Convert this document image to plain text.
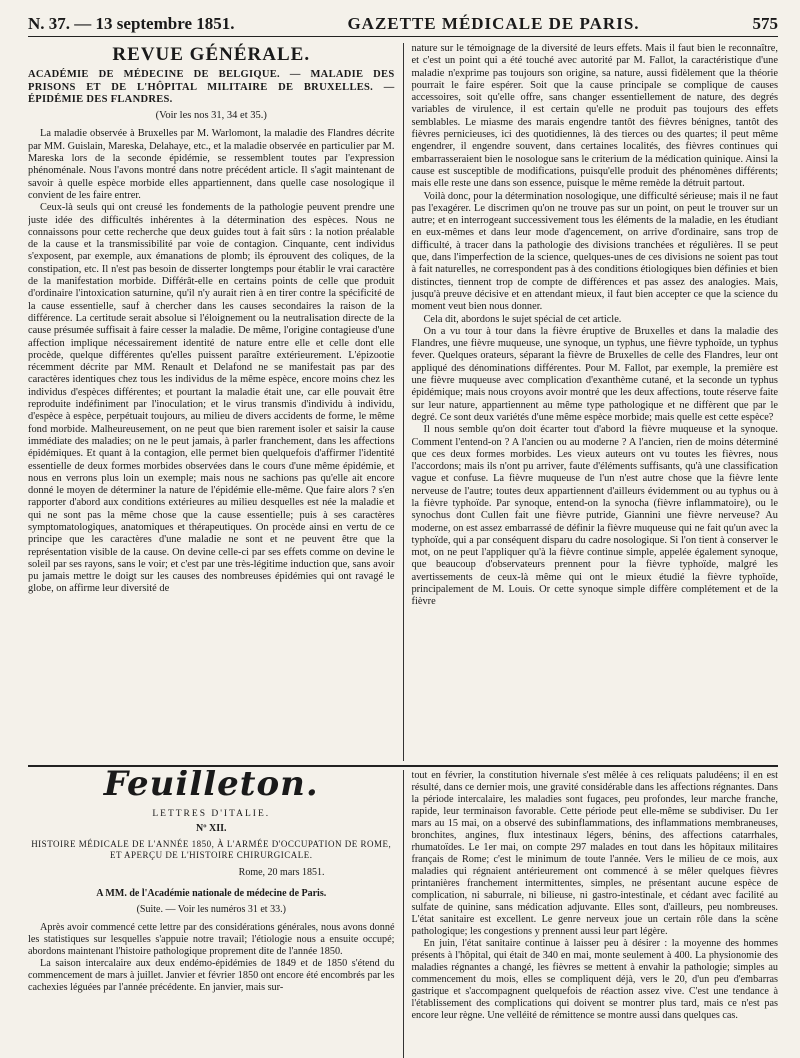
N. 37. — 13 septembre 1851.	GAZETTE MÉDICALE DE PARIS.	575
REVUE GÉNÉRALE.
ACADÉMIE DE MÉDECINE DE BELGIQUE. — MALADIE DES PRISONS ET DE L'HÔPITAL MILITAIRE DE BRUXELLES. — ÉPIDÉMIE DES FLANDRES.
(Voir les nos 31, 34 et 35.)

La maladie observée à Bruxelles par M. Warlomont, la maladie des Flandres décrite par MM. Guislain, Mareska, Delahaye, etc., et la maladie observée en particulier par M. Mareska lors de la seconde épidémie, se ressemblent toutes par l'expression phénoménale. Nous l'avons montré dans notre précédent article. Il s'agit maintenant de savoir à quelle espèce morbide elles appartiennent, dans quelle case nosologique il convient de les faire entrer.

Ceux-là seuls qui ont creusé les fondements de la pathologie peuvent prendre une juste idée des difficultés inhérentes à la détermination des espèces. Nous ne connaissons pour cette recherche que deux guides tout à fait sûrs : la notion préalable de la cause et la transmissibilité par voie de contagion. Cinquante, cent individus s'exposent, par exemple, aux émanations de plomb; ils éprouvent des coliques, de la constipation, etc. Il n'est pas besoin de disserter longtemps pour établir le vrai caractère de la manifestation morbide. Différât-elle en certains points de celle que produit d'ordinaire l'intoxication saturnine, qu'il n'y aurait rien à en tirer contre la spécificité de la cause essentielle, sauf à chercher dans les causes secondaires la raison de la différence. La certitude serait absolue si l'éloignement ou la neutralisation directe de la cause présumée suffisait à faire cesser la maladie. De même, l'origine contagieuse d'une affection implique nécessairement identité de nature entre elle et celle dont elle procède, quelque différentes qu'elles puissent paraître extérieurement. L'épizootie récemment décrite par MM. Renault et Delafond ne se manifestait pas par des caractères identiques chez tous les individus de la même espèce, encore moins chez les individus d'espèces différentes; et pourtant la maladie était une, car elle pouvait être reproduite indéfiniment par l'inoculation; et le virus transmis d'individu à individu, d'espèce à espèce, perpétuait toujours, au milieu de divers accidents de forme, le même fond morbide. Malheureusement, on ne peut que bien rarement isoler et saisir la cause immédiate des maladies; on ne le peut jamais, à parler franchement, dans les affections épidémiques. Et quant à la contagion, elle permet bien quelquefois d'affirmer l'identité essentielle de deux formes morbides observées dans le cours d'une même épidémie, et nous en verrons plus loin un exemple; mais nous ne sachions pas qu'elle ait encore donné le moyen de déterminer la nature de l'épidémie elle-même. Que faire alors ? s'en rapporter d'abord aux conditions extérieures au milieu desquelles est née la maladie et qui ne sont pas la même chose que la cause essentielle; puis à ses caractères symptomatologiques, anatomiques et thérapeutiques. On procède ainsi en vertu de ce principe que les caractères d'une maladie ne sont et ne peuvent être que la représentation visible de la cause. On devine celle-ci par ses effets comme on devine le soleil par ses rayons, sans le voir; et c'est par une très-légitime induction que, sans avoir pu jamais mettre le doigt sur les causes des nombreuses épidémies qui ont ravagé le globe, on affirme leur diversité de

nature sur le témoignage de la diversité de leurs effets. Mais il faut bien le reconnaître, et c'est un point qui a été touché avec autorité par M. Fallot, la caractéristique d'une maladie n'exprime pas toujours son origine, sa nature, aussi fidèlement que la théorie pourrait le faire espérer. Soit que la cause principale se complique de causes accessoires, soit qu'elle offre, sans changer essentiellement de nature, des degrés variables de virulence, il est certain qu'elle ne produit pas toujours des effets semblables. Le miasme des marais engendre tantôt des fièvres bénignes, tantôt des fièvres pernicieuses, ici des quotidiennes, là des tierces ou des quartes; il peut même engendrer, il engendre souvent, dans certaines localités, des fièvres continues qui embarrasseraient bien le nosologue sans le criterium de la médication quinique. Ainsi la cause est susceptible de modifications, puisqu'elle produit des phénomènes différents; mais elle reste une dans son essence, puisque le même remède la détruit partout.

Voilà donc, pour la détermination nosologique, une difficulté sérieuse; mais il ne faut pas l'exagérer. Le discrimen qu'on ne trouve pas sur un point, on peut le trouver sur un autre; et en interrogeant successivement tous les éléments de la maladie, en les étudiant en eux-mêmes et dans leur mode d'agencement, on arrive d'ordinaire, sans trop de difficulté, à tracer dans la pathologie des divisions tranchées et régulières. Il se peut que, dans l'imperfection de la science, quelques-unes de ces divisions ne soient pas tout à fait naturelles, ne correspondent pas à des conditions étiologiques bien définies et bien distinctes, tiennent trop de compte de différences et pas assez des analogies. Mais, jusqu'à preuve décisive et en attendant mieux, il faut bien accepter ce que la science du moment veut bien nous donner.

Cela dit, abordons le sujet spécial de cet article.

On a vu tour à tour dans la fièvre éruptive de Bruxelles et dans la maladie des Flandres, une fièvre muqueuse, une synoque, un typhus, une fièvre typhoïde, un typhus fever. Quelques orateurs, séparant la fièvre de Bruxelles de celle des Flandres, leur ont appliqué des dénominations différentes. Pour M. Fallot, par exemple, la première est une fièvre muqueuse avec complication d'exanthème cutané, et la seconde un typhus épidémique; mais nous croyons avoir montré que les deux affections, toute réserve faite sur leur nature, appartiennent au même type pathologique et ne diffèrent que par le degré. Ce sont deux variétés d'une même espèce morbide; mais quelle est cette espèce?

Il nous semble qu'on doit écarter tout d'abord la fièvre muqueuse et la synoque. Comment l'entend-on ? A l'ancien ou au moderne ? A l'ancien, rien de moins déterminé que ces deux formes morbides. Les vieux auteurs ont vu toutes les fièvres, nous l'accordons; mais ils n'ont pu arriver, faute d'éléments suffisants, qu'à une classification vague et confuse. La fièvre muqueuse de l'un n'est autre chose que la fièvre lente nerveuse de l'autre; toutes deux appartiennent d'ailleurs évidemment ou au typhus ou à la fièvre typhoïde. Par synoque, entend-on la synocha (fièvre inflammatoire), ou le synochus dont Cullen fait une fièvre putride, Giannini une fièvre nerveuse? Au moderne, on est assez embarrassé de définir la fièvre muqueuse qui ne fait qu'un avec la typhoïde, qui a par conséquent disparu du cadre nosologique. Si l'on tient à conserver le mot, on ne peut l'appliquer qu'à la fièvre continue simple, appelée également synoque, que beaucoup d'observateurs prennent pour la fièvre typhoïde, malgré les avertissements de ceux-là même qui ont le mieux étudié la fièvre typhoïde, principalement de M. Louis. Or cette synoque simple diffère complétement et de la fièvre

Feuilleton.
LETTRES D'ITALIE.
Nº XII.
HISTOIRE MÉDICALE DE L'ANNÉE 1850, À L'ARMÉE D'OCCUPATION DE ROME, ET APERÇU DE L'HISTOIRE CHIRURGICALE.
Rome, 20 mars 1851.
A MM. de l'Académie nationale de médecine de Paris.
(Suite. — Voir les numéros 31 et 33.)

Après avoir commencé cette lettre par des considérations générales, nous avons donné les statistiques sur lesquelles s'appuie notre travail; l'étiologie nous a ensuite occupé; abordons maintenant l'histoire pathologique proprement dite de l'année 1850.

La saison intercalaire aux deux endémo-épidémies de 1849 et de 1850 s'étend du commencement de mars à juillet. Janvier et février 1850 ont encore été encombrés par les cachexies léguées par l'année précédente. En janvier, mais sur-

tout en février, la constitution hivernale s'est mêlée à ces reliquats paludéens; il en est résulté, dans ce dernier mois, une gravité considérable dans les affections régnantes. Dans la période intercalaire, les maladies sont fugaces, peu profondes, leur marche franche, rapide, leur terminaison favorable. Cette période peut elle-même se subdiviser. Du 1er mars au 15 mai, on a observé des subinflammations, des inflammations membraneuses, bronchites, angines, flux intestinaux légers, bénins, des affections catarrhales, rhumatoïdes. Le 1er mai, on compte 297 malades en tout dans les hôpitaux militaires français de Rome; c'est le minimum de toute l'année. Vers le milieu de ce mois, aux maladies qui régnaient antérieurement ont commencé à se mêler quelques fièvres printanières franchement intermittentes, simples, ne présentant aucune espèce de complication, ni saburrale, ni bilieuse, ni gastro-intestinale, et cédant avec facilité au sulfate de quinine, sans médication adjuvante. Elles sont, d'ailleurs, peu nombreuses. L'état sanitaire est excellent. Le genre nerveux joue un certain rôle dans la scène pathologique; les congestions y prennent aussi leur part légère.

En juin, l'état sanitaire continue à laisser peu à désirer : la moyenne des hommes présents à l'hôpital, qui était de 340 en mai, monte seulement à 400. La physionomie des maladies régnantes a changé, les fièvres se mettent à envahir la pathologie; simples au commencement du mois, elles se compliquent déjà, vers le 20, d'un peu d'embarras gastrique et s'accompagnent quelquefois de réaction assez vive. C'est une tendance à l'établissement des complications qui doivent se montrer plus tard, mais ce n'est pas encore leur règne. Une velléité de rémittence se montre aussi dans quelques cas.
